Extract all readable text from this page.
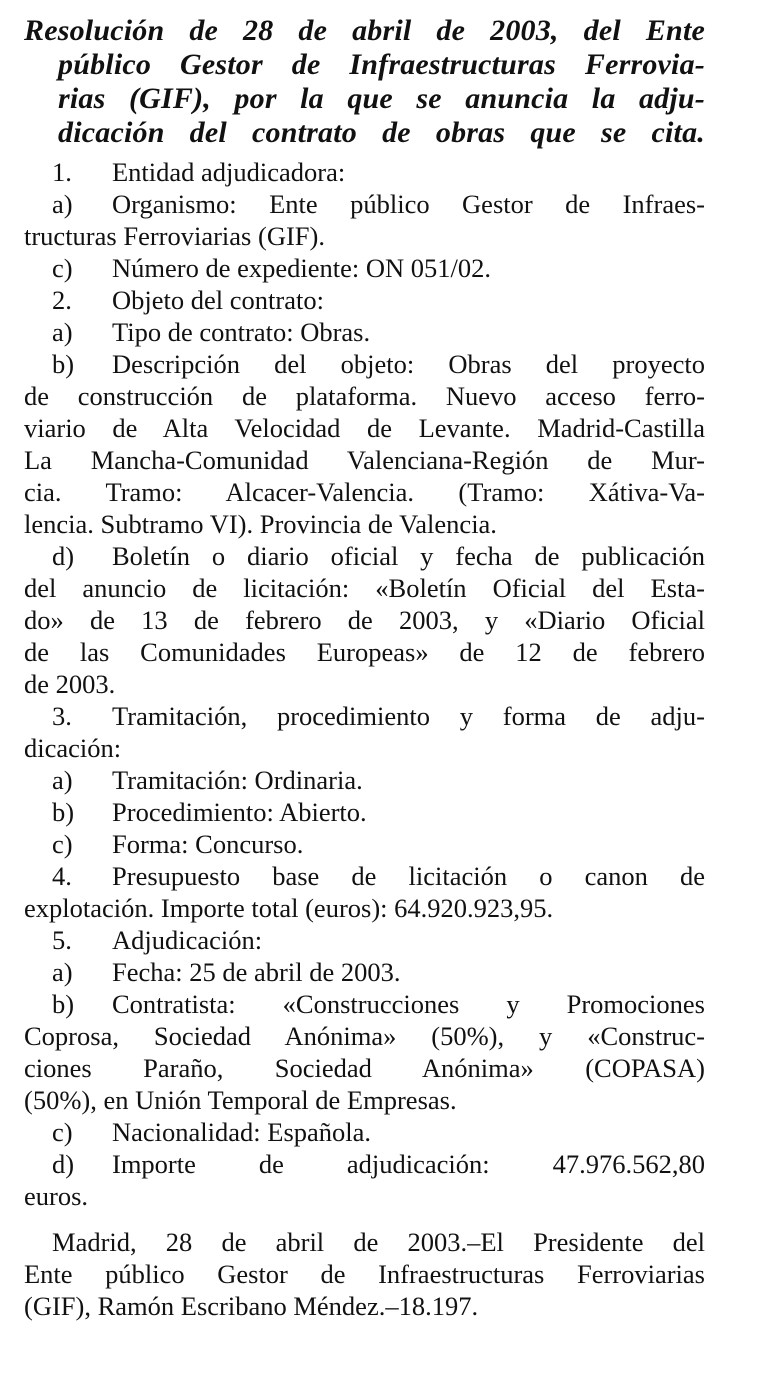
Resolución de 28 de abril de 2003, del Ente
público Gestor de Infraestructuras Ferrovia-
rias (GIF), por la que se anuncia la adju-
dicación del contrato de obras que se cita.
1. Entidad adjudicadora:
a)	Organismo: Ente público Gestor de Infraes-
tructuras Ferroviarias (GIF).
c) Número de expediente: ON 051/02.
2. Objeto del contrato:
a) Tipo de contrato: Obras.
b)	Descripción del objeto: Obras del proyecto
de construcción de plataforma. Nuevo acceso ferro-
viario de Alta Velocidad de Levante. Madrid-Castilla
La Mancha-Comunidad Valenciana-Región de Mur-
cia. Tramo: Alcacer-Valencia. (Tramo: Xátiva-Va-
lencia. Subtramo VI). Provincia de Valencia.
d)	Boletín o diario oficial y fecha de publicación
del anuncio de licitación: «Boletín Oficial del Esta-
do» de 13 de febrero de 2003, y «Diario Oficial
de las Comunidades Europeas» de 12 de febrero
de 2003.
3.	Tramitación, procedimiento y forma de adju-
dicación:
a) Tramitación: Ordinaria.
b) Procedimiento: Abierto.
c) Forma: Concurso.
4.	Presupuesto base de licitación o canon de
explotación. Importe total (euros): 64.920.923,95.
5. Adjudicación:
a) Fecha: 25 de abril de 2003.
b)	Contratista: «Construcciones y Promociones
Coprosa, Sociedad Anónima» (50%), y «Construc-
ciones Paraño, Sociedad Anónima» (COPASA)
(50%), en Unión Temporal de Empresas.
c) Nacionalidad: Española.
d)	Importe de adjudicación: 47.976.562,80
euros.
Madrid, 28 de abril de 2003.–El Presidente del
Ente público Gestor de Infraestructuras Ferroviarias
(GIF), Ramón Escribano Méndez.–18.197.
